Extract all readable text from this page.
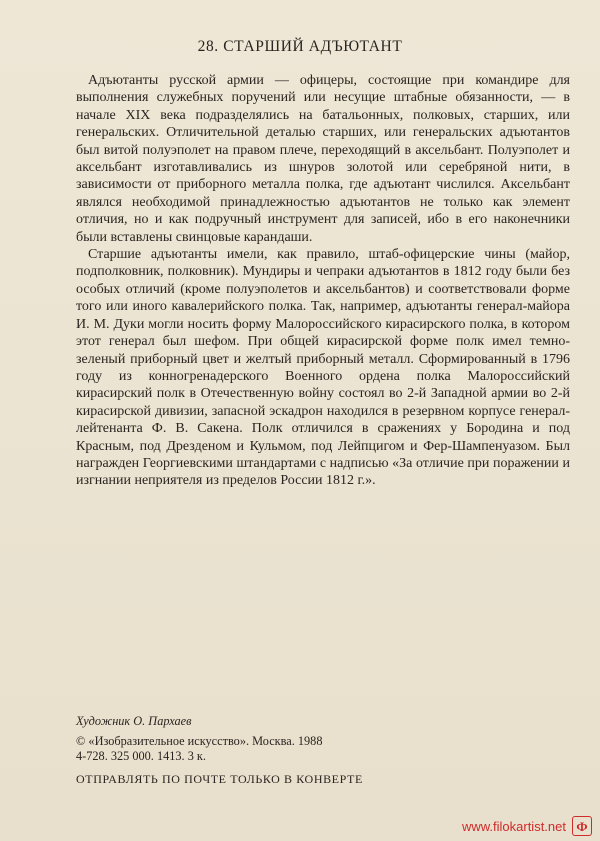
28. СТАРШИЙ АДЪЮТАНТ

Адъютанты русской армии — офицеры, состоящие при командире для выполнения служебных поручений или несущие штабные обязанности, — в начале XIX века подразделялись на батальонных, полковых, старших, или генеральских. Отличительной деталью старших, или генеральских адъютантов был витой полуэполет на правом плече, переходящий в аксельбант. Полуэполет и аксельбант изготавливались из шнуров золотой или серебряной нити, в зависимости от приборного металла полка, где адъютант числился. Аксельбант являлся необходимой принадлежностью адъютантов не только как элемент отличия, но и как подручный инструмент для записей, ибо в его наконечники были вставлены свинцовые карандаши.

Старшие адъютанты имели, как правило, штаб-офицерские чины (майор, подполковник, полковник). Мундиры и чепраки адъютантов в 1812 году были без особых отличий (кроме полуэполетов и аксельбантов) и соответствовали форме того или иного кавалерийского полка. Так, например, адъютанты генерал-майора И. М. Дуки могли носить форму Малороссийского кирасирского полка, в котором этот генерал был шефом. При общей кирасирской форме полк имел темно-зеленый приборный цвет и желтый приборный металл. Сформированный в 1796 году из конногренадерского Военного ордена полка Малороссийский кирасирский полк в Отечественную войну состоял во 2-й Западной армии во 2-й кирасирской дивизии, запасной эскадрон находился в резервном корпусе генерал-лейтенанта Ф. В. Сакена. Полк отличился в сражениях у Бородина и под Красным, под Дрезденом и Кульмом, под Лейпцигом и Фер-Шампенуазом. Был награжден Георгиевскими штандартами с надписью «За отличие при поражении и изгнании неприятеля из пределов России 1812 г.».

Художник О. Пархаев
© «Изобразительное искусство». Москва. 1988
4-728. 325 000. 1413. 3 к.
ОТПРАВЛЯТЬ ПО ПОЧТЕ ТОЛЬКО В КОНВЕРТЕ
www.filokartist.net Ф
